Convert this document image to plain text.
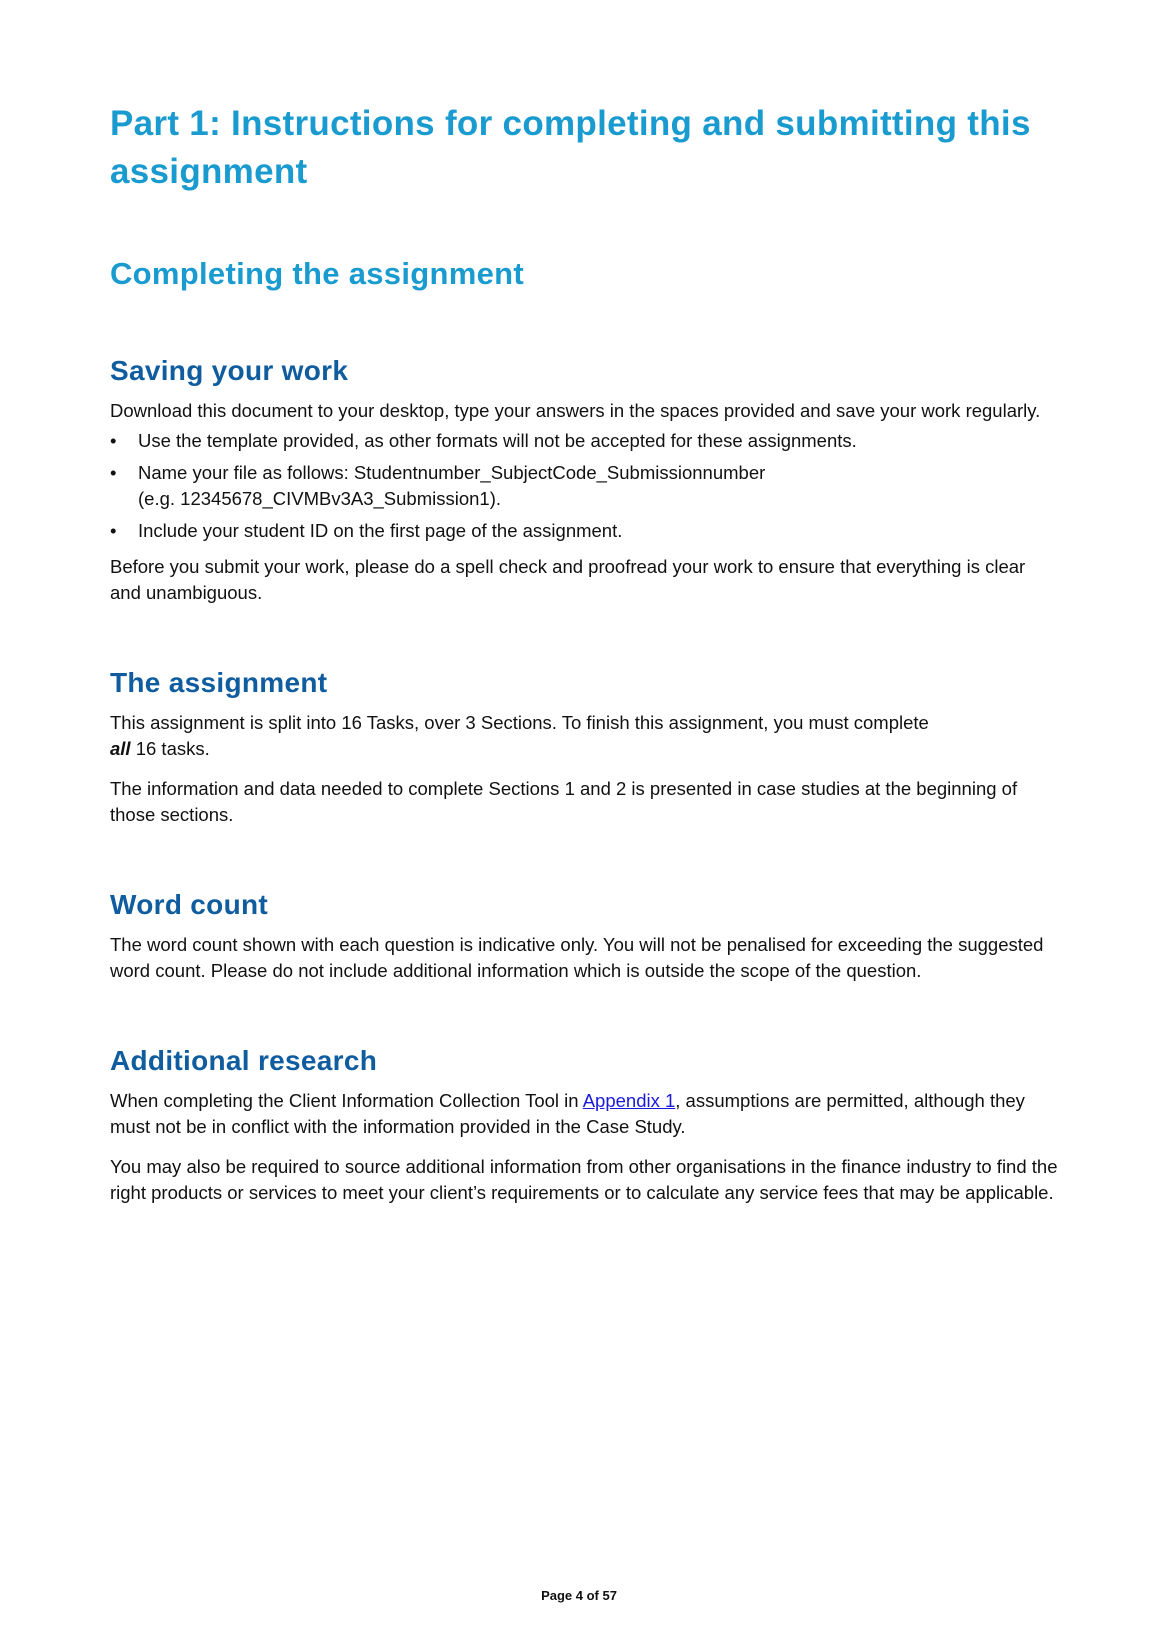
Part 1: Instructions for completing and submitting this assignment
Completing the assignment
Saving your work

Download this document to your desktop, type your answers in the spaces provided and save your work regularly.

• Use the template provided, as other formats will not be accepted for these assignments.
• Name your file as follows: Studentnumber_SubjectCode_Submissionnumber
(e.g. 12345678_CIVMBv3A3_Submission1).
• Include your student ID on the first page of the assignment.

Before you submit your work, please do a spell check and proofread your work to ensure that everything is clear and unambiguous.

The assignment

This assignment is split into 16 Tasks, over 3 Sections. To finish this assignment, you must complete
all 16 tasks.

The information and data needed to complete Sections 1 and 2 is presented in case studies at the beginning of those sections.

Word count

The word count shown with each question is indicative only. You will not be penalised for exceeding the suggested word count. Please do not include additional information which is outside the scope of the question.

Additional research

When completing the Client Information Collection Tool in Appendix 1, assumptions are permitted, although they must not be in conflict with the information provided in the Case Study.

You may also be required to source additional information from other organisations in the finance industry to find the right products or services to meet your client’s requirements or to calculate any service fees that may be applicable.

Page 4 of 57
